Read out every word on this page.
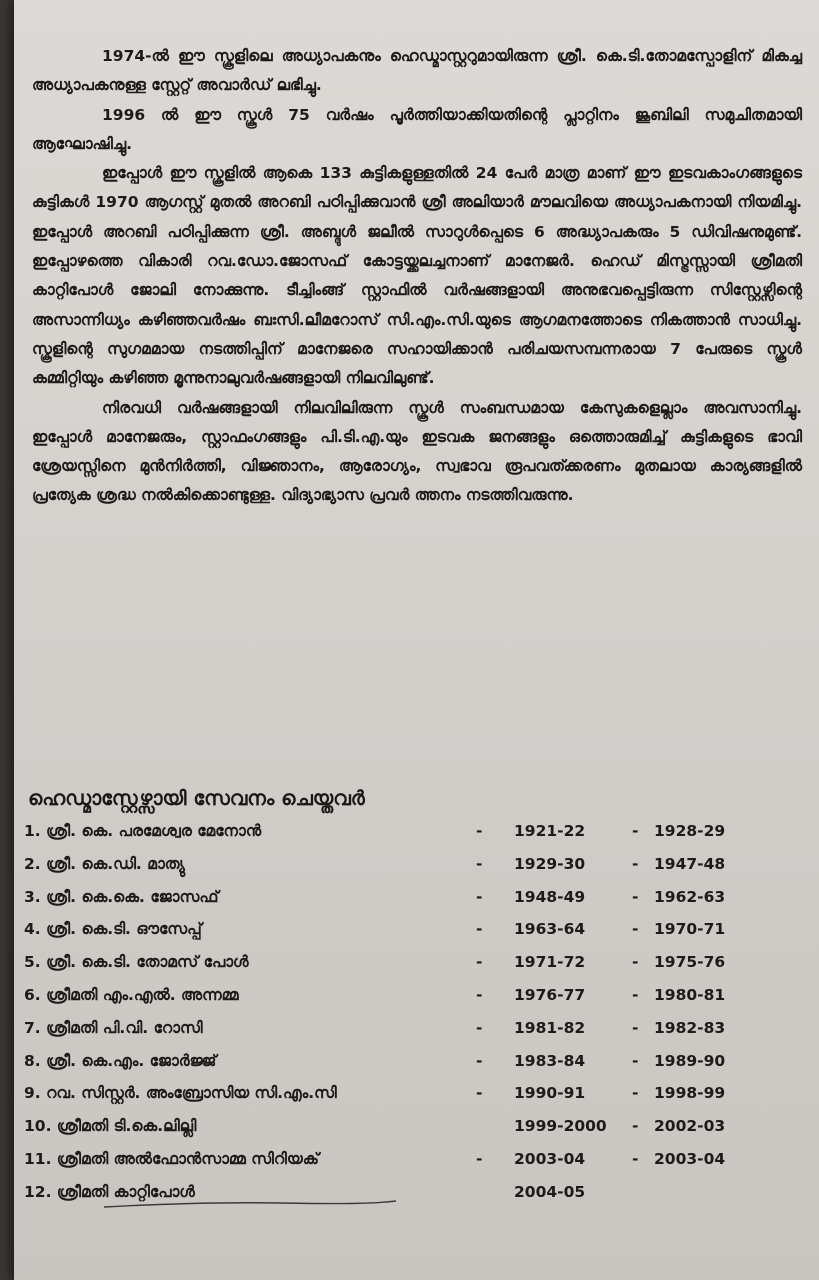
1974-ൽ ഈ സ്കൂളിലെ അധ്യാപകനും ഹെഡ്മാസ്റ്ററുമായിരുന്ന ശ്രീ. കെ.ടി.തോമസ്പോളിന് മികച്ച അധ്യാപകനുള്ള സ്റ്റേറ്റ് അവാർഡ് ലഭിച്ചു.

1996 ൽ ഈ സ്കൂൾ 75 വർഷം പൂർത്തിയാക്കിയതിന്റെ പ്ലാറ്റിനം ജൂബിലി സമുചിതമായി ആഘോഷിച്ചു.

ഇപ്പോൾ ഈ സ്കൂളിൽ ആകെ 133 കുട്ടികളുള്ളതിൽ 24 പേർ മാത്ര മാണ് ഈ ഇടവകാംഗങ്ങളുടെ കുട്ടികൾ 1970 ആഗസ്റ്റ് മുതൽ അറബി പഠിപ്പിക്കുവാൻ ശ്രീ അലിയാർ മൗലവിയെ അധ്യാപകനായി നിയമിച്ചു. ഇപ്പോൾ അറബി പഠിപ്പിക്കുന്ന ശ്രീ. അബ്ദുൾ ജലീൽ സാറുൾപ്പെടെ 6 അദ്ധ്യാപകരും 5 ഡിവിഷനുമുണ്ട്. ഇപ്പോഴത്തെ വികാരി റവ.ഡോ.ജോസഫ് കോട്ടയ്ക്കലച്ചനാണ് മാനേജർ. ഹെഡ് മിസ്ട്രസ്സായി ശ്രീമതി കാറ്റിപോൾ ജോലി നോക്കുന്നു. ടീച്ചിംങ്ങ് സ്റ്റാഫിൽ വർഷങ്ങളായി അനുഭവപ്പെട്ടിരുന്ന സിസ്റ്റേഴ്സിന്റെ അസാന്നിധ്യം കഴിഞ്ഞവർഷം ബഃസി.ലീമറോസ് സി.എം.സി.യുടെ ആഗമനത്തോടെ നികത്താൻ സാധിച്ചു. സ്കൂളിന്റെ സുഗമമായ നടത്തിപ്പിന് മാനേജരെ സഹായിക്കാൻ പരിചയസമ്പന്നരായ 7 പേരുടെ സ്കൂൾ കമ്മിറ്റിയും കഴിഞ്ഞ മൂന്നുനാലുവർഷങ്ങളായി നിലവിലുണ്ട്.

നിരവധി വർഷങ്ങളായി നിലവിലിരുന്ന സ്കൂൾ സംബന്ധമായ കേസുകളെല്ലാം അവസാനിച്ചു. ഇപ്പോൾ മാനേജരും, സ്റ്റാഫംഗങ്ങളും പി.ടി.എ.യും ഇടവക ജനങ്ങളും ഒത്തൊരുമിച്ച് കുട്ടികളുടെ ഭാവി ശ്രേയസ്സിനെ മുൻനിർത്തി, വിജ്ഞാനം, ആരോഗ്യം, സ്വഭാവ രൂപവത്ക്കരണം മുതലായ കാര്യങ്ങളിൽ പ്രത്യേക ശ്രദ്ധ നൽകിക്കൊണ്ടുള്ള. വിദ്യാഭ്യാസ പ്രവർ ത്തനം നടത്തിവരുന്നു.

ഹെഡ്മാസ്റ്റേഴ്സായി സേവനം ചെയ്തവർ
1. ശ്രീ. കെ. പരമേശ്വര മേനോൻ	- 1921-22	- 1928-29
2. ശ്രീ. കെ.ഡി. മാത്യു	- 1929-30	- 1947-48
3. ശ്രീ. കെ.കെ. ജോസഫ്	- 1948-49	- 1962-63
4. ശ്രീ. കെ.ടി. ഔസേപ്പ്	- 1963-64	- 1970-71
5. ശ്രീ. കെ.ടി. തോമസ് പോൾ	- 1971-72	- 1975-76
6. ശ്രീമതി എം.എൽ. അന്നമ്മ	- 1976-77	- 1980-81
7. ശ്രീമതി പി.വി. റോസി	- 1981-82	- 1982-83
8. ശ്രീ. കെ.എം. ജോർജ്ജ്	- 1983-84	- 1989-90
9. റവ. സിസ്റ്റർ. അംബ്രോസിയ സി.എം.സി	- 1990-91	- 1998-99
10. ശ്രീമതി ടി.കെ.ലില്ലി	1999-2000 - 2002-03
11. ശ്രീമതി അൽഫോൻസാമ്മ സിറിയക്	- 2003-04	- 2003-04
12. ശ്രീമതി കാറ്റിപോൾ	2004-05
